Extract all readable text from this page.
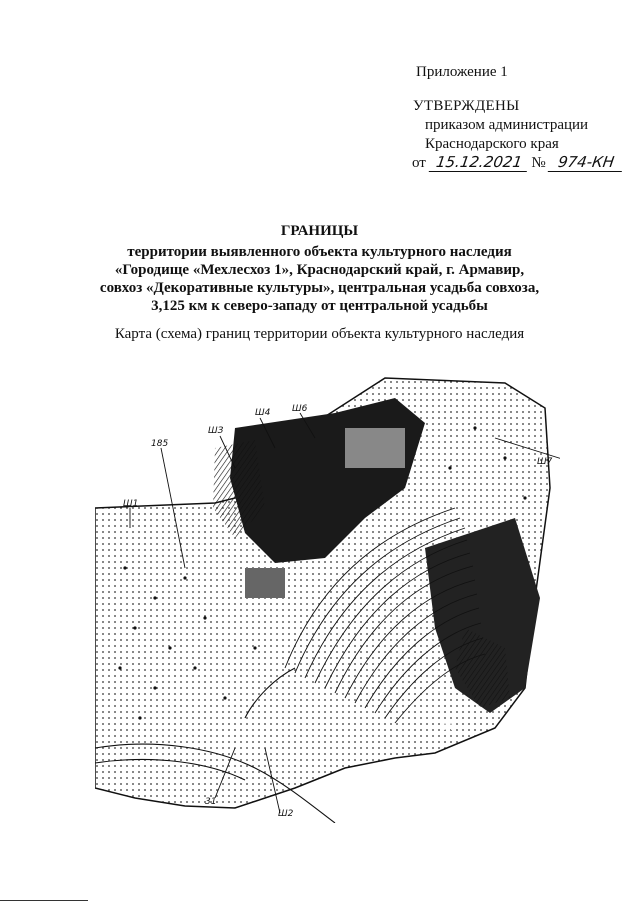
Приложение 1
УТВЕРЖДЕНЫ
приказом администрации
Краснодарского края
от 15.12.2021 № 974-КН
ГРАНИЦЫ
территории выявленного объекта культурного наследия
«Городище «Мехлесхоз 1», Краснодарский край, г. Армавир,
совхоз «Декоративные культуры», центральная усадьба совхоза,
3,125 км к северо-западу от центральной усадьбы
Карта (схема) границ территории объекта культурного наследия
185
ШЗ
Ш4 Ш6
Ш7
Ш1
Ш2
31
ЕП
